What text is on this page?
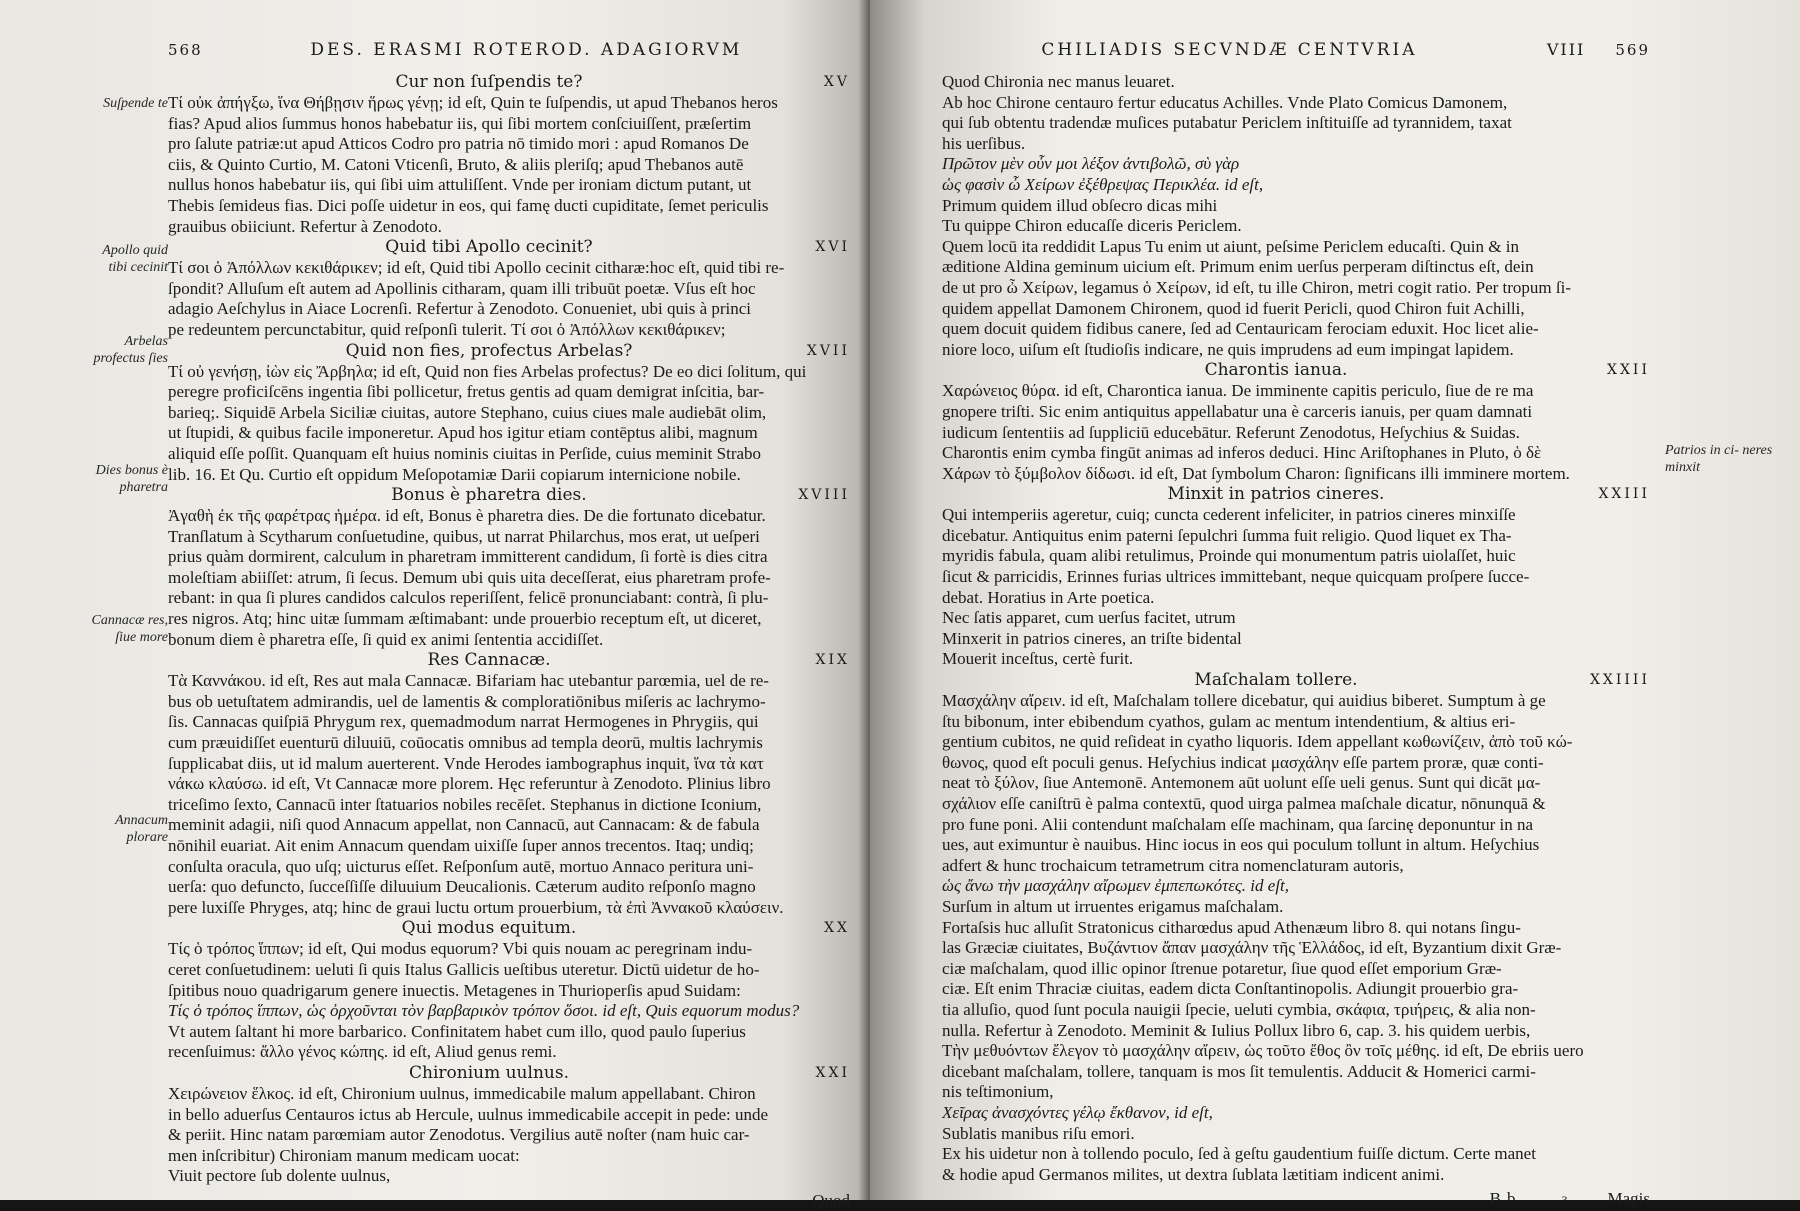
568	DES. ERASMI ROTEROD. ADAGIORVM
Suſpende te
Apollo quid tibi cecinit
Arbelas profectus ſies
Dies bonus è pharetra
Cannacæ res, ſiue more
Annacum plorare
Cur non ſuſpendis te?	XV

Τί οὐκ ἀπήγξω, ἵνα Θήβῃσιν ἥρως γένῃ; id eſt, Quin te ſuſpendis, ut apud Thebanos heros

fias? Apud alios ſummus honos habebatur iis, qui ſibi mortem conſciuiſſent, præſertim

pro ſalute patriæ:ut apud Atticos Codro pro patria nō timido mori : apud Romanos De

ciis, & Quinto Curtio, M. Catoni Vticenſi, Bruto, & aliis pleriſq; apud Thebanos autē

nullus honos habebatur iis, qui ſibi uim attuliſſent. Vnde per ironiam dictum putant, ut

Thebis ſemideus fias. Dici poſſe uidetur in eos, qui famę ducti cupiditate, ſemet periculis

grauibus obiiciunt. Refertur à Zenodoto.

Quid tibi Apollo cecinit?	XVI

Τί σοι ὁ Ἀπόλλων κεκιθάρικεν; id eſt, Quid tibi Apollo cecinit citharæ:hoc eſt, quid tibi re-

ſpondit? Alluſum eſt autem ad Apollinis citharam, quam illi tribuūt poetæ. Vſus eſt hoc

adagio Aeſchylus in Aiace Locrenſi. Refertur à Zenodoto. Conueniet, ubi quis à princi

pe redeuntem percunctabitur, quid reſponſi tulerit. Τί σοι ὁ Ἀπόλλων κεκιθάρικεν;

Quid non fies, profectus Arbelas?	XVII

Τί οὐ γενήσῃ, ἰὼν εἰς Ἄρβηλα; id eſt, Quid non fies Arbelas profectus? De eo dici ſolitum, qui

peregre proficiſcēns ingentia ſibi pollicetur, fretus gentis ad quam demigrat inſcitia, bar-

barieq;. Siquidē Arbela Siciliæ ciuitas, autore Stephano, cuius ciues male audiebāt olim,

ut ſtupidi, & quibus facile imponeretur. Apud hos igitur etiam contēptus alibi, magnum

aliquid eſſe poſſit. Quanquam eſt huius nominis ciuitas in Perſide, cuius meminit Strabo

lib. 16. Et Qu. Curtio eſt oppidum Meſopotamiæ Darii copiarum internicione nobile.

Bonus è pharetra dies.	XVIII

Ἀγαθὴ ἐκ τῆς φαρέτρας ἡμέρα. id eſt, Bonus è pharetra dies. De die fortunato dicebatur.

Tranſlatum à Scytharum conſuetudine, quibus, ut narrat Philarchus, mos erat, ut ueſperi

prius quàm dormirent, calculum in pharetram immitterent candidum, ſi fortè is dies citra

moleſtiam abiiſſet: atrum, ſi ſecus. Demum ubi quis uita deceſſerat, eius pharetram profe-

rebant: in qua ſi plures candidos calculos reperiſſent, felicē pronunciabant: contrà, ſi plu-

res nigros. Atq; hinc uitæ ſummam æſtimabant: unde prouerbio receptum eſt, ut diceret,

bonum diem è pharetra eſſe, ſi quid ex animi ſententia accidiſſet.

Res Cannacæ.	XIX

Τὰ Καννάκου. id eſt, Res aut mala Cannacæ. Bifariam hac utebantur parœmia, uel de re-

bus ob uetuſtatem admirandis, uel de lamentis & comploratiōnibus miſeris ac lachrymo-

ſis. Cannacas quiſpiā Phrygum rex, quemadmodum narrat Hermogenes in Phrygiis, qui

cum præuidiſſet euenturū diluuiū, coūocatis omnibus ad templa deorū, multis lachrymis

ſupplicabat diis, ut id malum auerterent. Vnde Herodes iambographus inquit, ἵνα τὰ κατ

νάκω κλαύσω. id eſt, Vt Cannacæ more plorem. Hęc referuntur à Zenodoto. Plinius libro

triceſimo ſexto, Cannacū inter ſtatuarios nobiles recēſet. Stephanus in dictione Iconium,

meminit adagii, niſi quod Annacum appellat, non Cannacū, aut Cannacam: & de fabula

nōnihil euariat. Ait enim Annacum quendam uixiſſe ſuper annos trecentos. Itaq; undiq;

conſulta oracula, quo uſq; uicturus eſſet. Reſponſum autē, mortuo Annaco peritura uni-

uerſa: quo defuncto, ſucceſſiſſe diluuium Deucalionis. Cæterum audito reſponſo magno

pere luxiſſe Phryges, atq; hinc de graui luctu ortum prouerbium, τὰ ἐπὶ Ἀννακοῦ κλαύσειν.

Qui modus equitum.	XX

Τίς ὁ τρόπος ἵππων; id eſt, Qui modus equorum? Vbi quis nouam ac peregrinam indu-

ceret conſuetudinem: ueluti ſi quis Italus Gallicis ueſtibus uteretur. Dictū uidetur de ho-

ſpitibus nouo quadrigarum genere inuectis. Metagenes in Thurioperſis apud Suidam:

Τίς ὁ τρόπος ἵππων, ὡς ὀρχοῦνται τὸν βαρβαρικὸν τρόπον ὅσοι. id eſt, Quis equorum modus?

Vt autem ſaltant hi more barbarico. Confinitatem habet cum illo, quod paulo ſuperius

recenſuimus: ἄλλο γένος κώπης. id eſt, Aliud genus remi.

Chironium uulnus.	XXI

Χειρώνειον ἕλκος. id eſt, Chironium uulnus, immedicabile malum appellabant. Chiron

in bello aduerſus Centauros ictus ab Hercule, uulnus immedicabile accepit in pede: unde

& periit. Hinc natam parœmiam autor Zenodotus. Vergilius autē noſter (nam huic car-

men inſcribitur) Chironiam manum medicam uocat:

Viuit pectore ſub dolente uulnus,

Quod
CHILIADIS SECVNDÆ CENTVRIA	VIII 569
Patrios in ci- neres minxit

Quod Chironia nec manus leuaret.

Ab hoc Chirone centauro fertur educatus Achilles. Vnde Plato Comicus Damonem,

qui ſub obtentu tradendæ muſices putabatur Periclem inſtituiſſe ad tyrannidem, taxat

his uerſibus.

Πρῶτον μὲν οὖν μοι λέξον ἀντιβολῶ, σὺ γὰρ

ὡς φασὶν ὦ Χείρων ἐξέθρεψας Περικλέα. id eſt,

Primum quidem illud obſecro dicas mihi

Tu quippe Chiron educaſſe diceris Periclem.

Quem locū ita reddidit Lapus Tu enim ut aiunt, peſsime Periclem educaſti. Quin & in

æditione Aldina geminum uicium eſt. Primum enim uerſus perperam diſtinctus eſt, dein

de ut pro ὦ Χείρων, legamus ὁ Χείρων, id eſt, tu ille Chiron, metri cogit ratio. Per tropum ſi-

quidem appellat Damonem Chironem, quod id fuerit Pericli, quod Chiron fuit Achilli,

quem docuit quidem fidibus canere, ſed ad Centauricam ferociam eduxit. Hoc licet alie-

niore loco, uiſum eſt ſtudioſis indicare, ne quis imprudens ad eum impingat lapidem.

Charontis ianua.	XXII

Χαρώνειος θύρα. id eſt, Charontica ianua. De imminente capitis periculo, ſiue de re ma

gnopere triſti. Sic enim antiquitus appellabatur una è carceris ianuis, per quam damnati

iudicum ſententiis ad ſuppliciū educebātur. Referunt Zenodotus, Heſychius & Suidas.

Charontis enim cymba fingūt animas ad inferos deduci. Hinc Ariſtophanes in Pluto, ὁ δὲ

Χάρων τὸ ξύμβολον δίδωσι. id eſt, Dat ſymbolum Charon: ſignificans illi imminere mortem.

Minxit in patrios cineres.	XXIII

Qui intemperiis ageretur, cuiq; cuncta cederent infeliciter, in patrios cineres minxiſſe

dicebatur. Antiquitus enim paterni ſepulchri ſumma fuit religio. Quod liquet ex Tha-

myridis fabula, quam alibi retulimus, Proinde qui monumentum patris uiolaſſet, huic

ſicut & parricidis, Erinnes furias ultrices immittebant, neque quicquam proſpere ſucce-

debat. Horatius in Arte poetica.

Nec ſatis apparet, cum uerſus facitet, utrum

Minxerit in patrios cineres, an triſte bidental

Mouerit inceſtus, certè furit.

Maſchalam tollere.	XXIIII

Μασχάλην αἴρειν. id eſt, Maſchalam tollere dicebatur, qui auidius biberet. Sumptum à ge

ſtu bibonum, inter ebibendum cyathos, gulam ac mentum intendentium, & altius eri-

gentium cubitos, ne quid reſideat in cyatho liquoris. Idem appellant κωθωνίζειν, ἀπὸ τοῦ κώ-

θωνος, quod eſt poculi genus. Heſychius indicat μασχάλην eſſe partem proræ, quæ conti-

neat τὸ ξύλον, ſiue Antemonē. Antemonem aūt uolunt eſſe ueli genus. Sunt qui dicāt μα-

σχάλιον eſſe caniſtrū è palma contextū, quod uirga palmea maſchale dicatur, nōnunquā &

pro fune poni. Alii contendunt maſchalam eſſe machinam, qua ſarcinę deponuntur in na

ues, aut eximuntur è nauibus. Hinc iocus in eos qui poculum tollunt in altum. Heſychius

adfert & hunc trochaicum tetrametrum citra nomenclaturam autoris,

ὡς ἄνω τὴν μασχάλην αἴρωμεν ἐμπεπωκότες. id eſt,

Surſum in altum ut irruentes erigamus maſchalam.

Fortaſsis huc alluſit Stratonicus citharœdus apud Athenæum libro 8. qui notans ſingu-

las Græciæ ciuitates, Βυζάντιον ἄπαν μασχάλην τῆς Ἑλλάδος, id eſt, Byzantium dixit Græ-

ciæ maſchalam, quod illic opinor ſtrenue potaretur, ſiue quod eſſet emporium Græ-

ciæ. Eſt enim Thraciæ ciuitas, eadem dicta Conſtantinopolis. Adiungit prouerbio gra-

tia alluſio, quod ſunt pocula nauigii ſpecie, ueluti cymbia, σκάφια, τριήρεις, & alia non-

nulla. Refertur à Zenodoto. Meminit & Iulius Pollux libro 6, cap. 3. his quidem uerbis,

Τὴν μεθυόντων ἔλεγον τὸ μασχάλην αἴρειν, ὡς τοῦτο ἔθος ὂν τοῖς μέθης. id eſt, De ebriis uero

dicebant maſchalam, tollere, tanquam is mos ſit temulentis. Adducit & Homerici carmi-

nis teſtimonium,

Χεῖρας ἀνασχόντες γέλῳ ἔκθανον, id eſt,

Sublatis manibus riſu emori.

Ex his uidetur non à tollendo poculo, ſed à geſtu gaudentium fuiſſe dictum. Certe manet

& hodie apud Germanos milites, ut dextra ſublata lætitiam indicent animi.

Bb	3 Magis
